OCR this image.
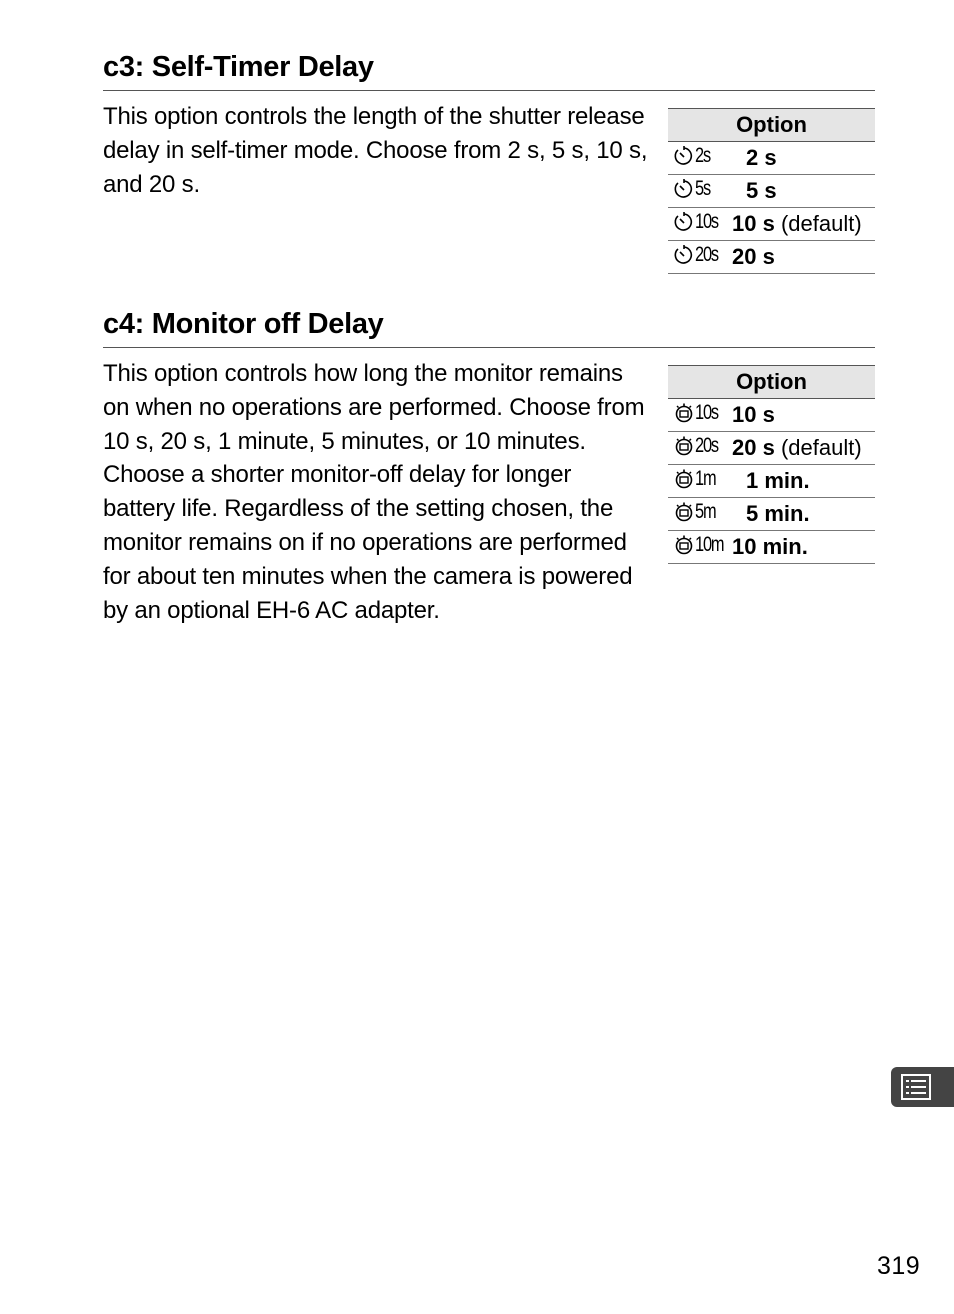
c3: Self-Timer Delay
This option controls the length of the shutter release delay in self-timer mode. Choose from 2 s, 5 s, 10 s, and 20 s.
Option	

2s	2 s

5s	5 s

10s	10 s (default)

20s	20 s
c4: Monitor off Delay
This option controls how long the monitor remains on when no operations are performed. Choose from 10 s, 20 s, 1 minute, 5 minutes, or 10 minutes. Choose a shorter monitor-off delay for longer battery life. Regardless of the setting chosen, the monitor remains on if no operations are performed for about ten minutes when the camera is powered by an optional EH-6 AC adapter.
Option	

10s	10 s

20s	20 s (default)

1m	1 min.

5m	5 min.

10m	10 min.
319
